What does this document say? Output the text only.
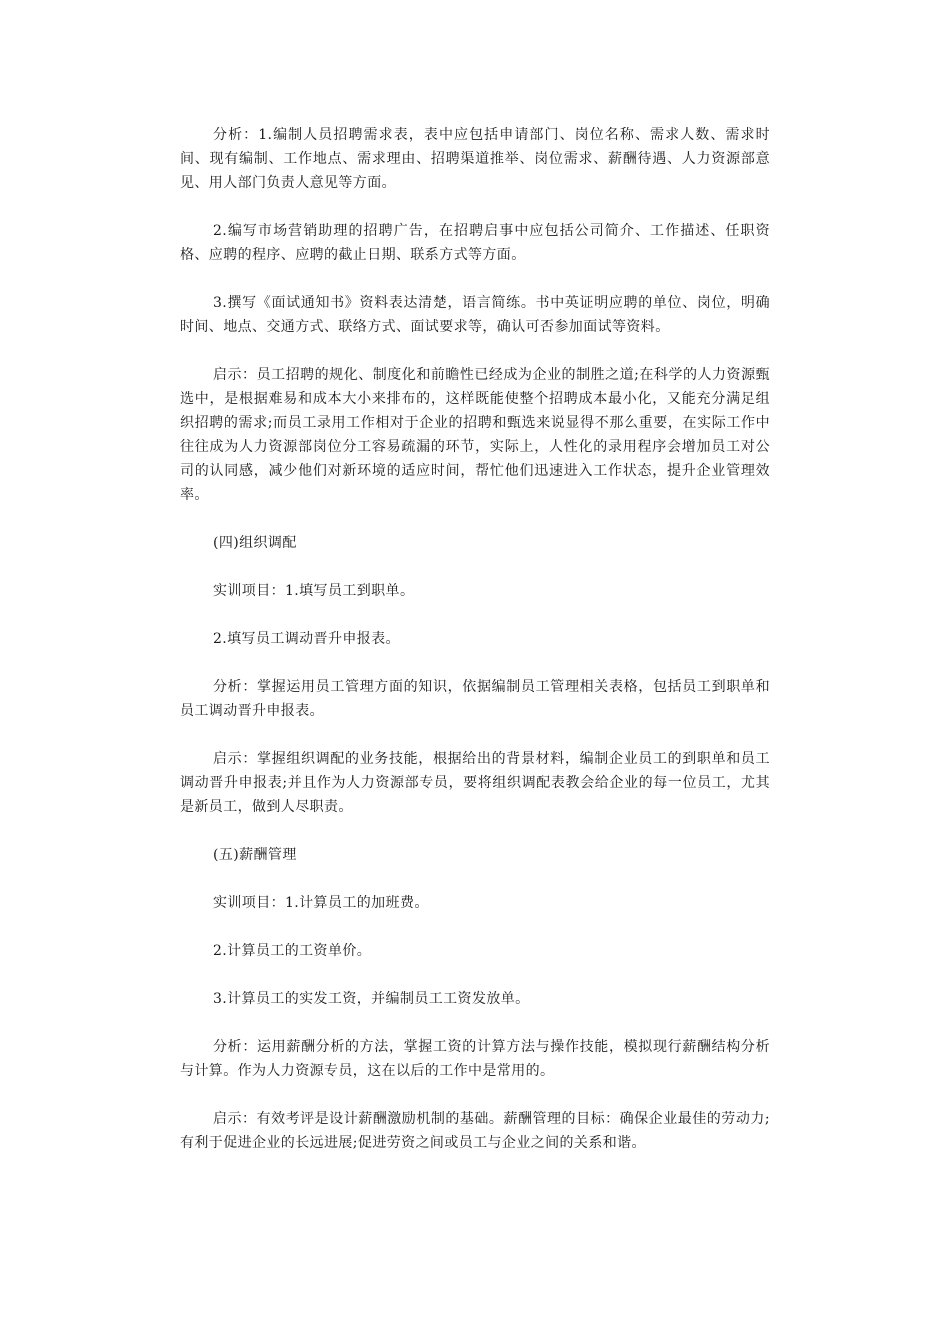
分析：1.编制人员招聘需求表，表中应包括申请部门、岗位名称、需求人数、需求时间、现有编制、工作地点、需求理由、招聘渠道推举、岗位需求、薪酬待遇、人力资源部意见、用人部门负责人意见等方面。

2.编写市场营销助理的招聘广告，在招聘启事中应包括公司简介、工作描述、任职资格、应聘的程序、应聘的截止日期、联系方式等方面。

3.撰写《面试通知书》资料表达清楚，语言简练。书中英证明应聘的单位、岗位，明确时间、地点、交通方式、联络方式、面试要求等，确认可否参加面试等资料。

启示：员工招聘的规化、制度化和前瞻性已经成为企业的制胜之道;在科学的人力资源甄选中，是根据难易和成本大小来排布的，这样既能使整个招聘成本最小化，又能充分满足组织招聘的需求;而员工录用工作相对于企业的招聘和甄选来说显得不那么重要，在实际工作中往往成为人力资源部岗位分工容易疏漏的环节，实际上，人性化的录用程序会增加员工对公司的认同感，减少他们对新环境的适应时间，帮忙他们迅速进入工作状态，提升企业管理效率。

(四)组织调配

实训项目：1.填写员工到职单。

2.填写员工调动晋升申报表。

分析：掌握运用员工管理方面的知识，依据编制员工管理相关表格，包括员工到职单和员工调动晋升申报表。

启示：掌握组织调配的业务技能，根据给出的背景材料，编制企业员工的到职单和员工调动晋升申报表;并且作为人力资源部专员，要将组织调配表教会给企业的每一位员工，尤其是新员工，做到人尽职责。

(五)薪酬管理

实训项目：1.计算员工的加班费。

2.计算员工的工资单价。

3.计算员工的实发工资，并编制员工工资发放单。

分析：运用薪酬分析的方法，掌握工资的计算方法与操作技能，模拟现行薪酬结构分析与计算。作为人力资源专员，这在以后的工作中是常用的。

启示：有效考评是设计薪酬激励机制的基础。薪酬管理的目标：确保企业最佳的劳动力;有利于促进企业的长远进展;促进劳资之间或员工与企业之间的关系和谐。
